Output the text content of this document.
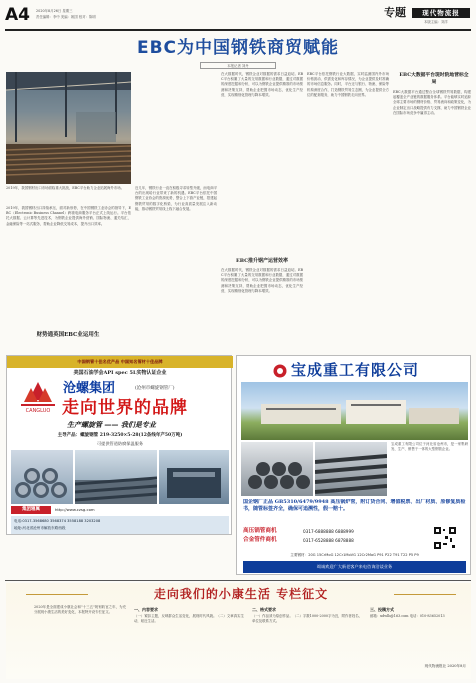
A4 2020年8月26日 星期三
责任编辑：李中 美编：姚国 校对：陈明	专题	现代物流报
本版主编：刘洋
EBC为中国钢铁商贸赋能
本报记者 刘丹
2019年，我国钢材出口市场面临重大挑战，EBC平台助力企业拓展海外市场。
2019年，我国钢材出口持续承压，面对新形势，在中国钢铁工业协会的指导下，EBC（Electronic Business Channel）跨境电商服务平台正式上线运行。平台依托大数据、云计算等先进技术，为钢铁企业提供海外营销、国际物流、通关结汇、金融保险等一站式服务，帮助企业降低交易成本，提升出口效率。
财势通英国EBC业运用生
近几年，钢铁行业一直在积极寻求转型升级，而电商平台的出现给行业带来了新的机遇。EBC平台依托中国钢铁工业协会的资源优势，整合上下游产业链，搭建起钢铁贸易的数字化桥梁，为行业高质量发展注入新动能，推动钢铁贸易线上线下融合发展。
在大数据时代，钢铁企业对数据的需求日益迫切。EBC平台积累了大量的交易数据和行业数据，通过对数据的深度挖掘和分析，可以为钢铁企业提供精准的市场预测和决策支持，帮助企业把握市场动态，优化生产经营，实现精细化管理与降本增效。
EBC推升钢产运营效率
在大数据时代，钢铁企业对数据的需求日益迫切。EBC平台积累了大量的交易数据和行业数据，通过对数据的深度挖掘和分析，可以为钢铁企业提供精准的市场预测和决策支持，帮助企业把握市场动态，优化生产经营，实现精细化管理与降本增效。
EBC平台依托钢铁行业大数据，实时监测国内外市场价格波动、供需变化和库存情况，为企业提供及时准确的市场信息服务。同时，平台还与银行、物流、保险等机构深度合作，打造钢铁贸易生态圈，为企业提供全方位的配套服务，助力中国钢铁走向世界。
EBC大数据平台现时院地营标全局
EBC大数据平台通过整合全球钢铁贸易数据，构建起覆盖全产业链的数据服务体系。平台能够实时追踪全球主要市场的钢材价格、贸易流向和政策变化，为企业制定出口战略提供有力支撑，助力中国钢铁企业在国际市场竞争中赢得主动。
中国钢管十佳名优产品 中国知名管材十佳品牌
美国石油学会API spec 5L实物认证企业
CANGLUO
沧螺集团	(沧州市螺旋钢管厂)
走向世界的品牌
生产螺旋管 —— 我们是专业
主导产品：螺旋钢管 219-3250×5-28(12条线年产50万吨)
可提供管道防腐保温服务
集团辖属	http://www.czsg.com
电话:0317-3568680 3568374 3558188 3203208
地址:河北省沧州市解放东路西段
宝成重工有限公司
宝成重工有限公司位于河北省沧州市，是一家集研发、生产、销售于一体的大型钢管企业。
国企钢厂正品 GB5310/6479/9948 高压锅炉管，附订货合同、增值税票、出厂材质、原修复质检书，随管标签齐全，确保可追溯性，假一赔十。
高压锅管商机	0317-6888888 6888999
合金管件商机	0317-6528888 6878888
主要钢材：20G 15CrMoG 12Cr1MoVG 12Cr2MoG P91 P22 T91 T22 P5 P9
竭诚欢迎广大新老客户来电咨询洽谈业务
走向我们的小康生活 专栏征文
2020年是全面建成小康社会和"十三五"规划收官之年，为充分展现小康生活的美好变化，本报特开设专栏征文。
一、内容要求
（一）紧扣主题，反映群众生活变化，展现时代风貌。（二）文章真实生动，贴近生活。
二、格式要求
（一）作品须为原创作品。（二）字数1000-2000字为宜，附作者姓名、单位及联系方式。
三、投稿方式
邮箱：xdwlb@163.com 电话：010-83652013
现代物流报社 2020年8月
